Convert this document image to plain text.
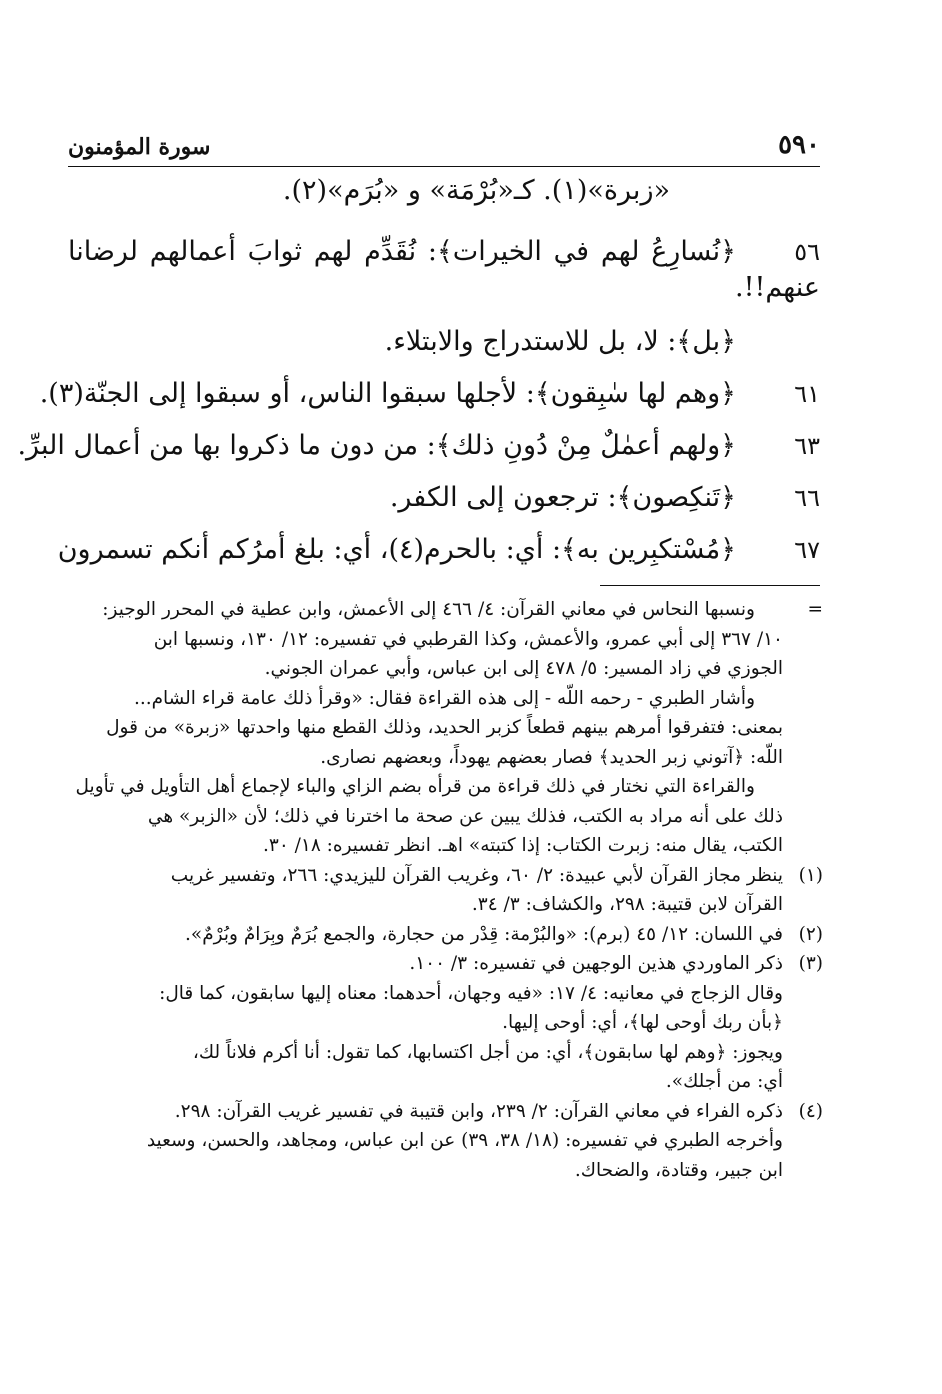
٥٩٠
سورة المؤمنون
«زبرة»(١). كـ«بُرْمَة» و «بُرَم»(٢).
٥٦
﴿نُسارِعُ لهم في الخيرات﴾: نُقَدِّم لهم ثوابَ أعمالهم لرضانا
عنهم!!.
﴿بل﴾: لا، بل للاستدراج والابتلاء.
٦١
﴿وهم لها سٰبِقون﴾: لأجلها سبقوا الناس، أو سبقوا إلى الجنّة(٣).
٦٣
﴿ولهم أعمٰلٌ مِنْ دُونِ ذلك﴾: من دون ما ذكروا بها من أعمال البرِّ.
٦٦
﴿تَنكِصون﴾: ترجعون إلى الكفر.
٦٧
﴿مُسْتكبِرين به﴾: أي: بالحرم(٤)، أي: بلغ أمرُكم أنكم تسمرون
=
ونسبها النحاس في معاني القرآن: ٤/ ٤٦٦ إلى الأعمش، وابن عطية في المحرر الوجيز:
١٠/ ٣٦٧ إلى أبي عمرو، والأعمش، وكذا القرطبي في تفسيره: ١٢/ ١٣٠، ونسبها ابن
الجوزي في زاد المسير: ٥/ ٤٧٨ إلى ابن عباس، وأبي عمران الجوني.
وأشار الطبري - رحمه اللّه - إلى هذه القراءة فقال: «وقرأ ذلك عامة قراء الشام...
بمعنى: فتفرقوا أمرهم بينهم قطعاً كزبر الحديد، وذلك القطع منها واحدتها «زبرة» من قول
اللّه: ﴿آتوني زبر الحديد﴾ فصار بعضهم يهوداً، وبعضهم نصارى.
والقراءة التي نختار في ذلك قراءة من قرأه بضم الزاي والباء لإجماع أهل التأويل في تأويل
ذلك على أنه مراد به الكتب، فذلك يبين عن صحة ما اخترنا في ذلك؛ لأن «الزبر» هي
الكتب، يقال منه: زبرت الكتاب: إذا كتبته» اهـ. انظر تفسيره: ١٨/ ٣٠.
(١)
ينظر مجاز القرآن لأبي عبيدة: ٢/ ٦٠، وغريب القرآن لليزيدي: ٢٦٦، وتفسير غريب
القرآن لابن قتيبة: ٢٩٨، والكشاف: ٣/ ٣٤.
(٢)
في اللسان: ١٢/ ٤٥ (برم): «والبُرْمة: قِدْر من حجارة، والجمع بُرَمٌ وبِرَامٌ وبُرْمٌ».
(٣)
ذكر الماوردي هذين الوجهين في تفسيره: ٣/ ١٠٠.
وقال الزجاج في معانيه: ٤/ ١٧: «فيه وجهان، أحدهما: معناه إليها سابقون، كما قال:
﴿بأن ربك أوحى لها﴾، أي: أوحى إليها.
ويجوز: ﴿وهم لها سابقون﴾، أي: من أجل اكتسابها، كما تقول: أنا أكرم فلاناً لك،
أي: من أجلك».
(٤)
ذكره الفراء في معاني القرآن: ٢/ ٢٣٩، وابن قتيبة في تفسير غريب القرآن: ٢٩٨.
وأخرجه الطبري في تفسيره: (١٨/ ٣٨، ٣٩) عن ابن عباس، ومجاهد، والحسن، وسعيد
ابن جبير، وقتادة، والضحاك.
